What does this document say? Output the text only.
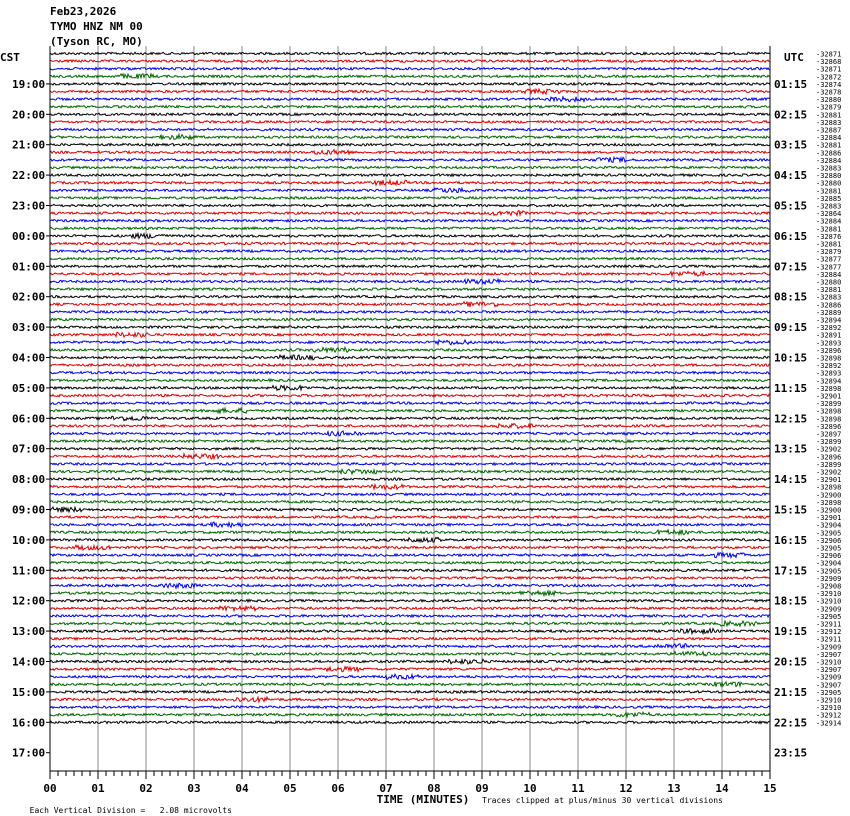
Feb23,2026
TYMO HNZ NM 00
(Tyson RC, MO)
CST	UTC
19:00
20:00
21:00
22:00
23:00
00:00
01:00
02:00
03:00
04:00
05:00
06:00
07:00
08:00
09:00
10:00
11:00
12:00
13:00
14:00
15:00
16:00
17:00
01:15
02:15
03:15
04:15
05:15
06:15
07:15
08:15
09:15
10:15
11:15
12:15
13:15
14:15
15:15
16:15
17:15
18:15
19:15
20:15
21:15
22:15
23:15
-32871
-32868
-32871
-32872
-32874
-32878
-32880
-32879
-32881
-32883
-32887
-32884
-32881
-32886
-32884
-32883
-32880
-32880
-32881
-32885
-32883
-32864
-32884
-32881
-32876
-32881
-32879
-32877
-32877
-32884
-32880
-32881
-32883
-32886
-32889
-32894
-32892
-32891
-32893
-32896
-32898
-32892
-32893
-32894
-32898
-32901
-32899
-32898
-32898
-32896
-32897
-32899
-32902
-32896
-32899
-32902
-32901
-32898
-32900
-32898
-32900
-32901
-32904
-32905
-32906
-32905
-32906
-32904
-32905
-32909
-32908
-32910
-32910
-32909
-32905
-32911
-32912
-32911
-32909
-32907
-32910
-32907
-32909
-32907
-32905
-32910
-32910
-32912
-32914
00	01	02	03	04	05	06	07	08	09	10	11	12	13	14	15
TIME (MINUTES)

Each Vertical Division = 2.08 microvolts

Traces clipped at plus/minus 30 vertical divisions
